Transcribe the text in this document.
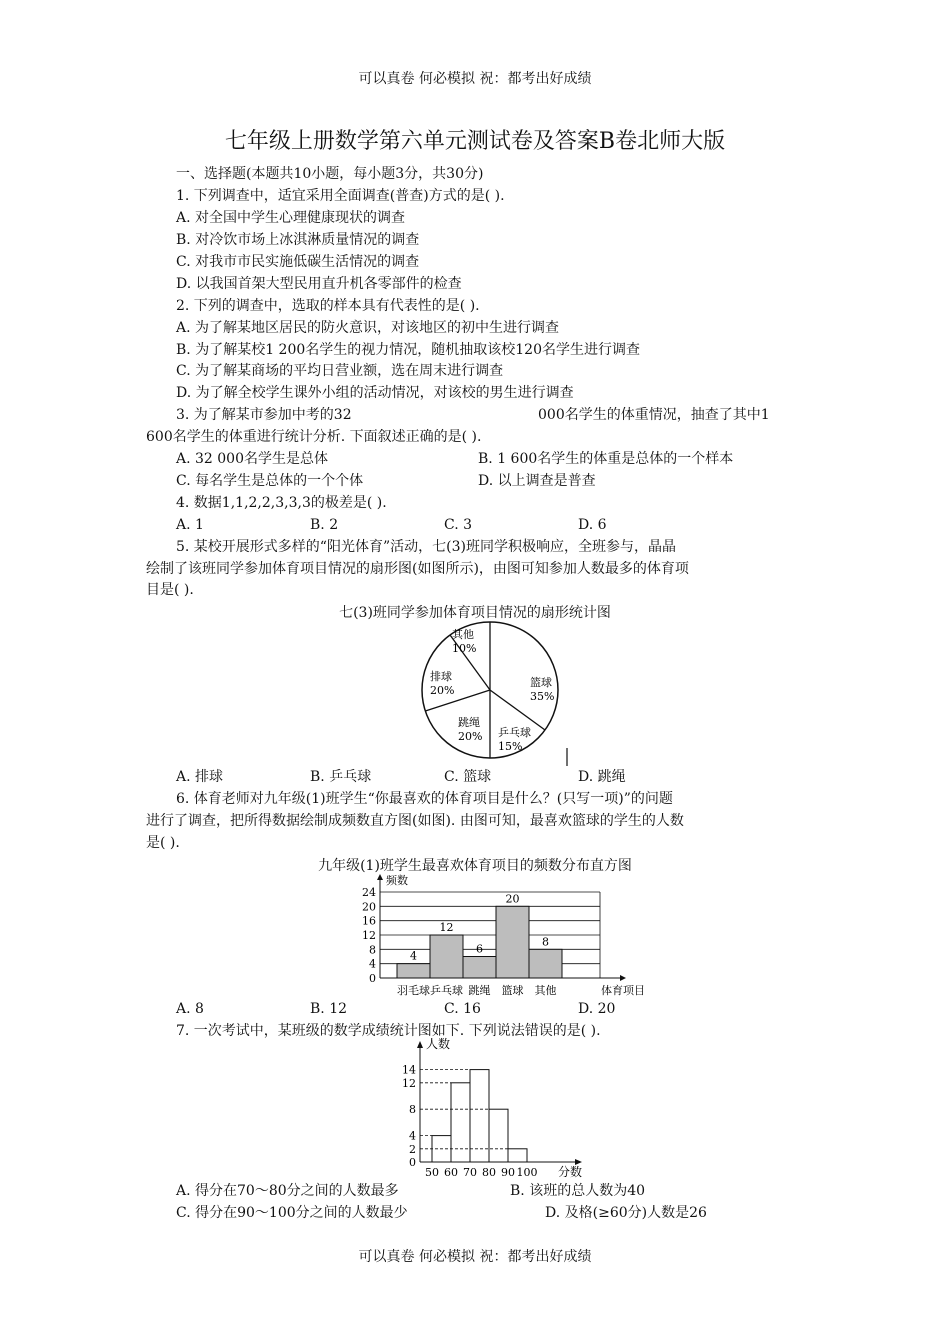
可以真卷 何必模拟 祝：都考出好成绩
七年级上册数学第六单元测试卷及答案B卷北师大版
一、选择题(本题共10小题，每小题3分，共30分)
1. 下列调查中，适宜采用全面调查(普查)方式的是( ).
A. 对全国中学生心理健康现状的调查
B. 对冷饮市场上冰淇淋质量情况的调查
C. 对我市市民实施低碳生活情况的调查
D. 以我国首架大型民用直升机各零部件的检查
2. 下列的调查中，选取的样本具有代表性的是( ).
A. 为了解某地区居民的防火意识，对该地区的初中生进行调查
B. 为了解某校1 200名学生的视力情况，随机抽取该校120名学生进行调查
C. 为了解某商场的平均日营业额，选在周末进行调查
D. 为了解全校学生课外小组的活动情况，对该校的男生进行调查
3. 为了解某市参加中考的32	000名学生的体重情况，抽查了其中1
600名学生的体重进行统计分析. 下面叙述正确的是( ).
A. 32 000名学生是总体	B. 1 600名学生的体重是总体的一个样本
C. 每名学生是总体的一个个体	D. 以上调查是普查
4. 数据1,1,2,2,3,3,3的极差是( ).
A. 1	B. 2	C. 3	D. 6
5. 某校开展形式多样的“阳光体育”活动，七(3)班同学积极响应，全班参与，晶晶
绘制了该班同学参加体育项目情况的扇形图(如图所示)，由图可知参加人数最多的体育项
目是( ).
七(3)班同学参加体育项目情况的扇形统计图
篮球
35%
乒乓球
15%
跳绳
20%
排球
20%
其他
10%
A. 排球	B. 乒乓球	C. 篮球	D. 跳绳
6. 体育老师对九年级(1)班学生“你最喜欢的体育项目是什么？(只写一项)”的问题
进行了调查，把所得数据绘制成频数直方图(如图). 由图可知，最喜欢篮球的学生的人数
是( ).
九年级(1)班学生最喜欢体育项目的频数分布直方图
0
4
8
12
16
20
24
频数
4
羽毛球
12
乒乓球
6
跳绳
20
篮球
8
其他	体育项目
A. 8	B. 12	C. 16	D. 20
7. 一次考试中，某班级的数学成绩统计图如下. 下列说法错误的是( ).
人数
0
2
4
8
12
14
50 60 70 80 90 100 分数
A. 得分在70～80分之间的人数最多	B. 该班的总人数为40
C. 得分在90～100分之间的人数最少	D. 及格(≥60分)人数是26
可以真卷 何必模拟 祝：都考出好成绩
